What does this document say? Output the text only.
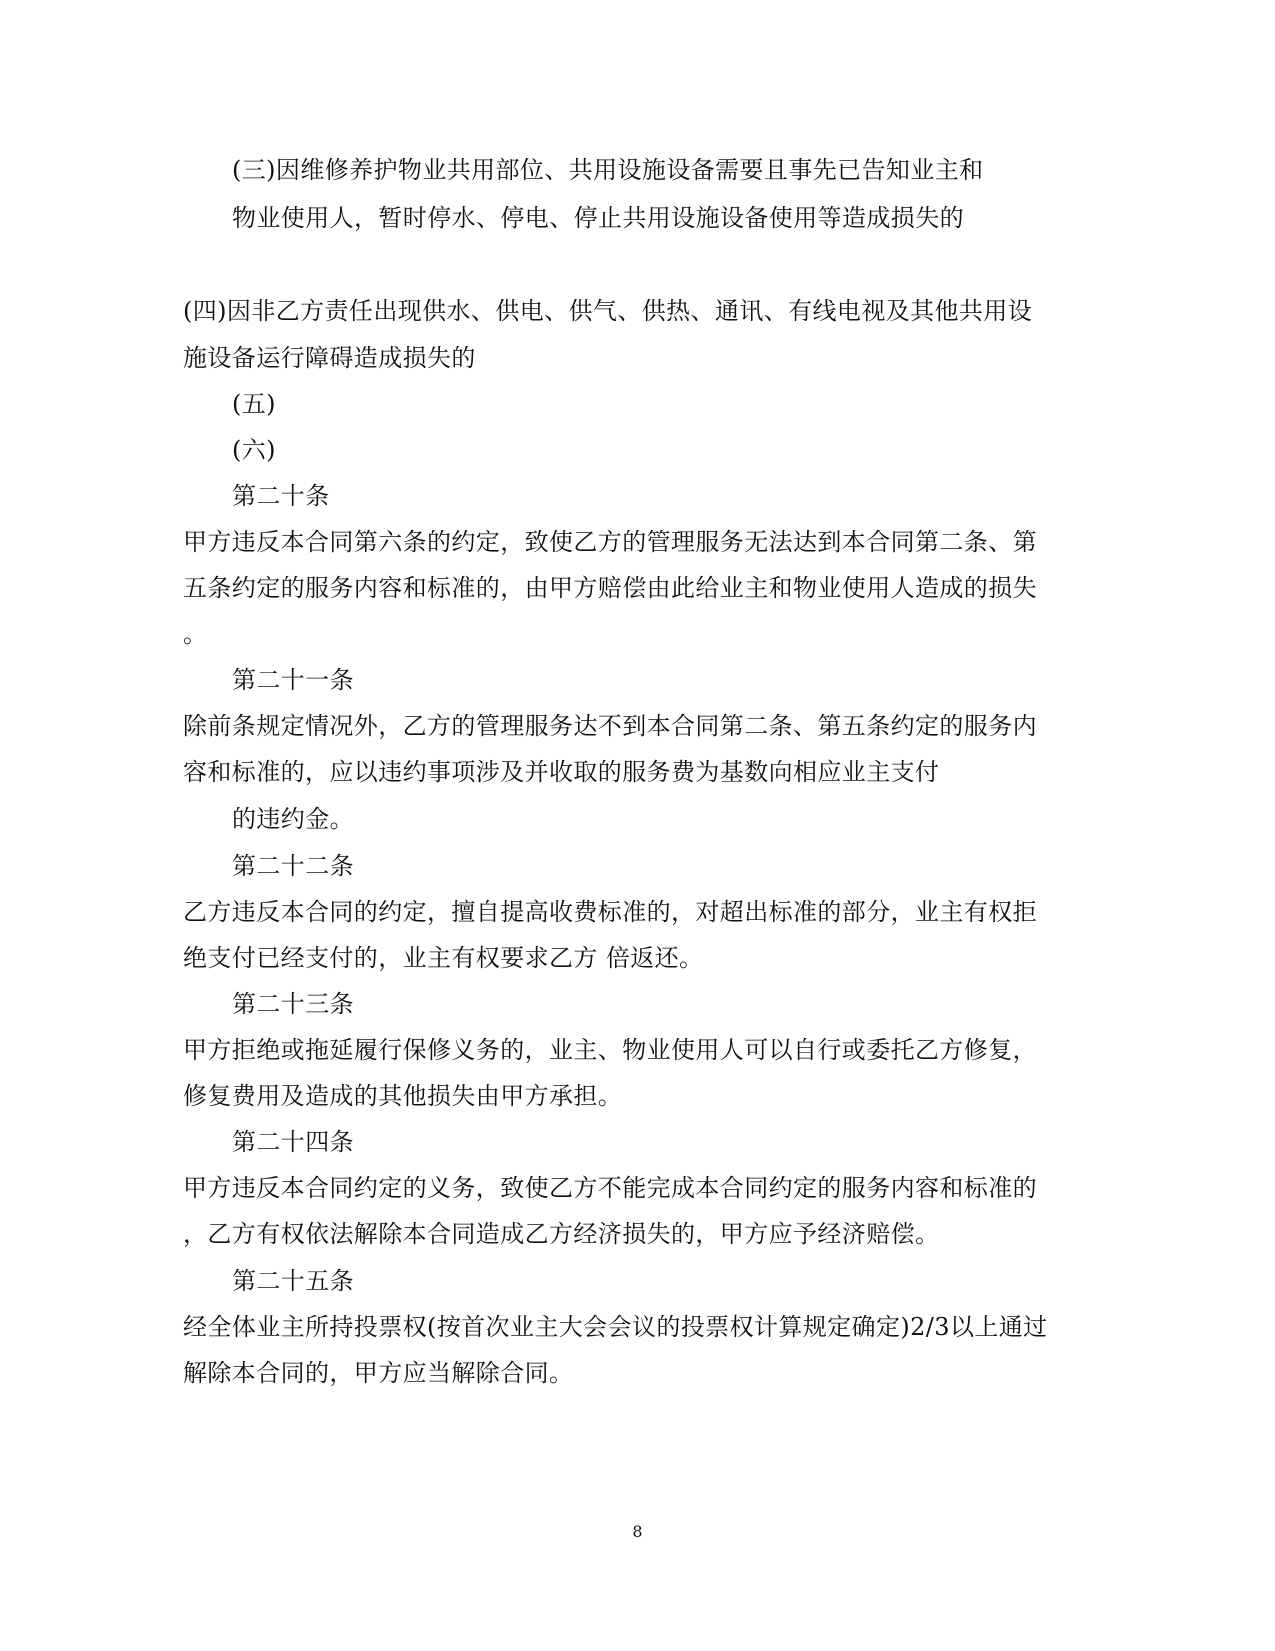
(三)因维修养护物业共用部位、共用设施设备需要且事先已告知业主和
物业使用人，暂时停水、停电、停止共用设施设备使用等造成损失的
(四)因非乙方责任出现供水、供电、供气、供热、通讯、有线电视及其他共用设
施设备运行障碍造成损失的
(五)
(六)
第二十条
甲方违反本合同第六条的约定，致使乙方的管理服务无法达到本合同第二条、第
五条约定的服务内容和标准的，由甲方赔偿由此给业主和物业使用人造成的损失
。
第二十一条
除前条规定情况外，乙方的管理服务达不到本合同第二条、第五条约定的服务内
容和标准的，应以违约事项涉及并收取的服务费为基数向相应业主支付
的违约金。
第二十二条
乙方违反本合同的约定，擅自提高收费标准的，对超出标准的部分，业主有权拒
绝支付已经支付的，业主有权要求乙方 倍返还。
第二十三条
甲方拒绝或拖延履行保修义务的，业主、物业使用人可以自行或委托乙方修复，
修复费用及造成的其他损失由甲方承担。
第二十四条
甲方违反本合同约定的义务，致使乙方不能完成本合同约定的服务内容和标准的
，乙方有权依法解除本合同造成乙方经济损失的，甲方应予经济赔偿。
第二十五条
经全体业主所持投票权(按首次业主大会会议的投票权计算规定确定)2/3以上通过
解除本合同的，甲方应当解除合同。
8
